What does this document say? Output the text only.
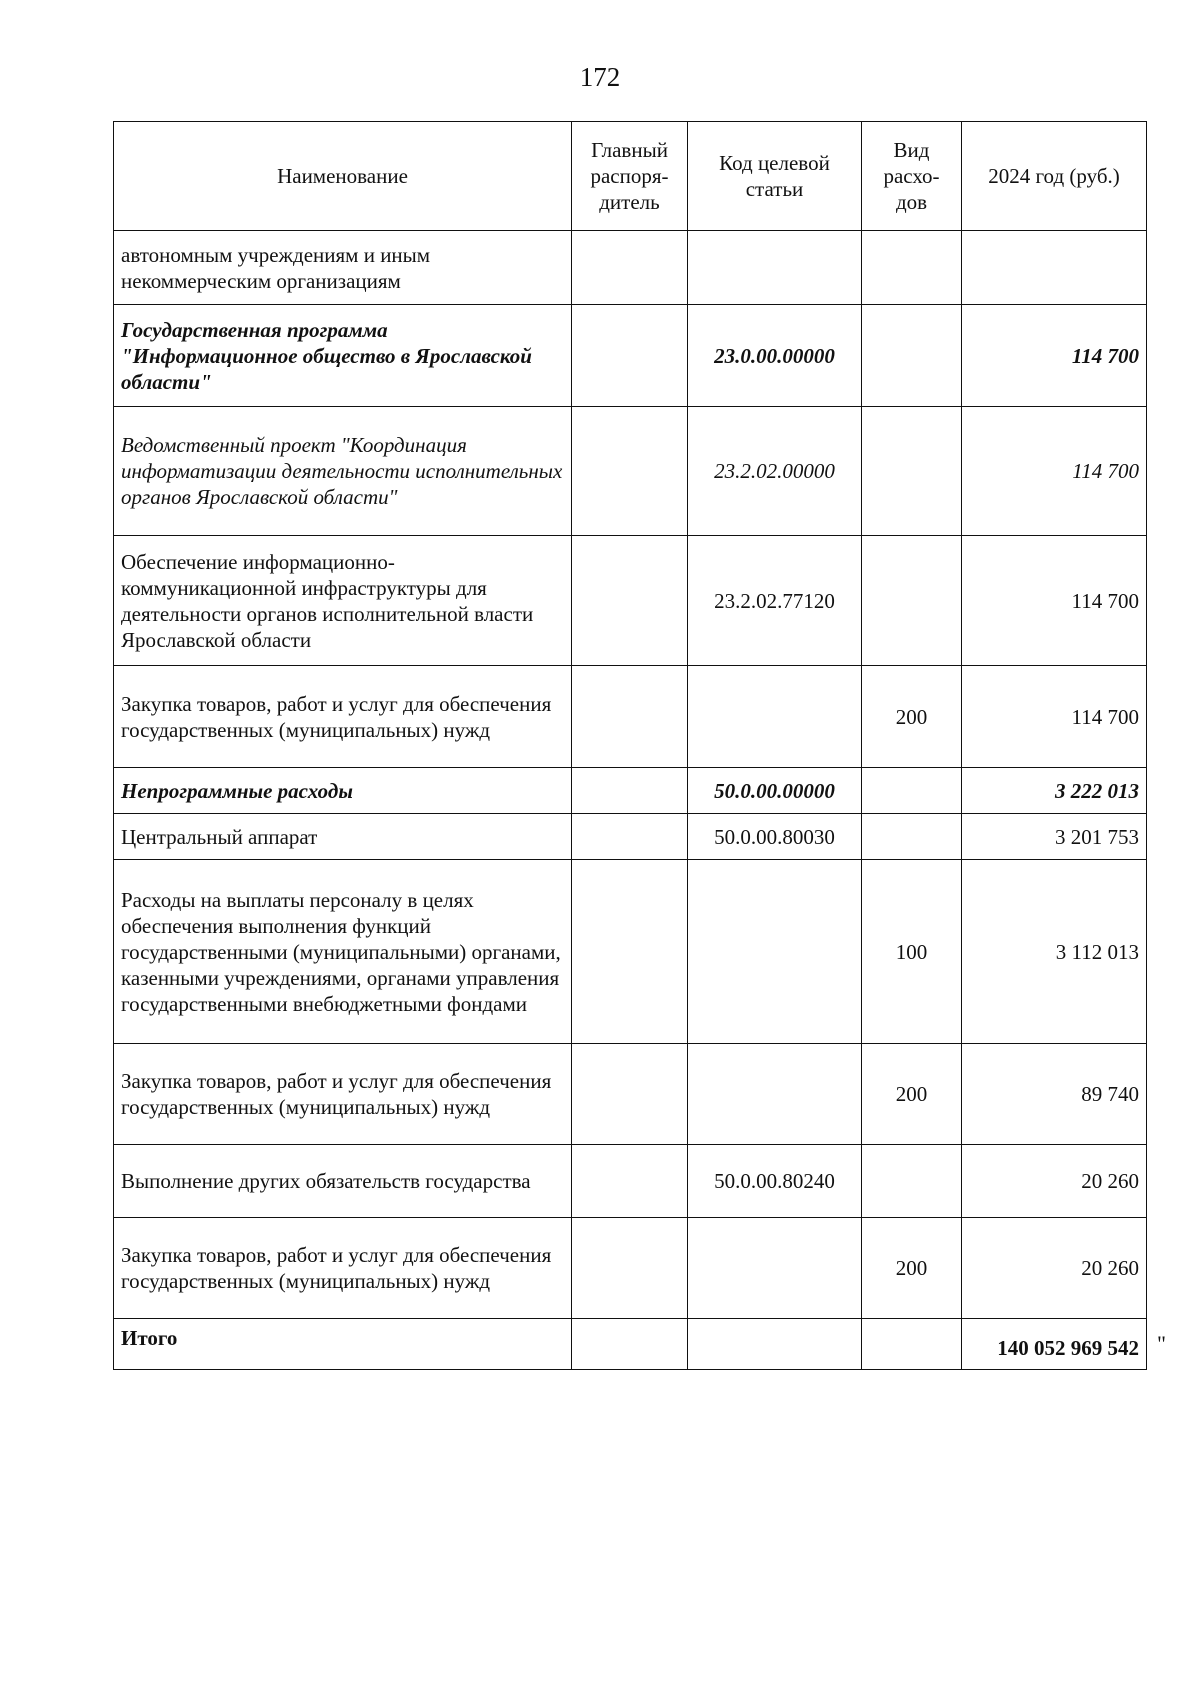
172
Наименование	Главный распоря-дитель	Код целевой статьи	Вид расхо-дов	2024 год (руб.)
автономным учреждениям и иным некоммерческим организациям				
Государственная программа "Информационное общество в Ярославской области"		23.0.00.00000		114 700
Ведомственный проект "Координация информатизации деятельности исполнительных органов Ярославской области"		23.2.02.00000		114 700
Обеспечение информационно-коммуникационной инфраструктуры для деятельности органов исполнительной власти Ярославской области		23.2.02.77120		114 700
Закупка товаров, работ и услуг для обеспечения государственных (муниципальных) нужд			200	114 700
Непрограммные расходы		50.0.00.00000		3 222 013
Центральный аппарат		50.0.00.80030		3 201 753
Расходы на выплаты персоналу в целях обеспечения выполнения функций государственными (муниципальными) органами, казенными учреждениями, органами управления государственными внебюджетными фондами			100	3 112 013
Закупка товаров, работ и услуг для обеспечения государственных (муниципальных) нужд			200	89 740
Выполнение других обязательств государства		50.0.00.80240		20 260
Закупка товаров, работ и услуг для обеспечения государственных (муниципальных) нужд			200	20 260
Итого				140 052 969 542 "
